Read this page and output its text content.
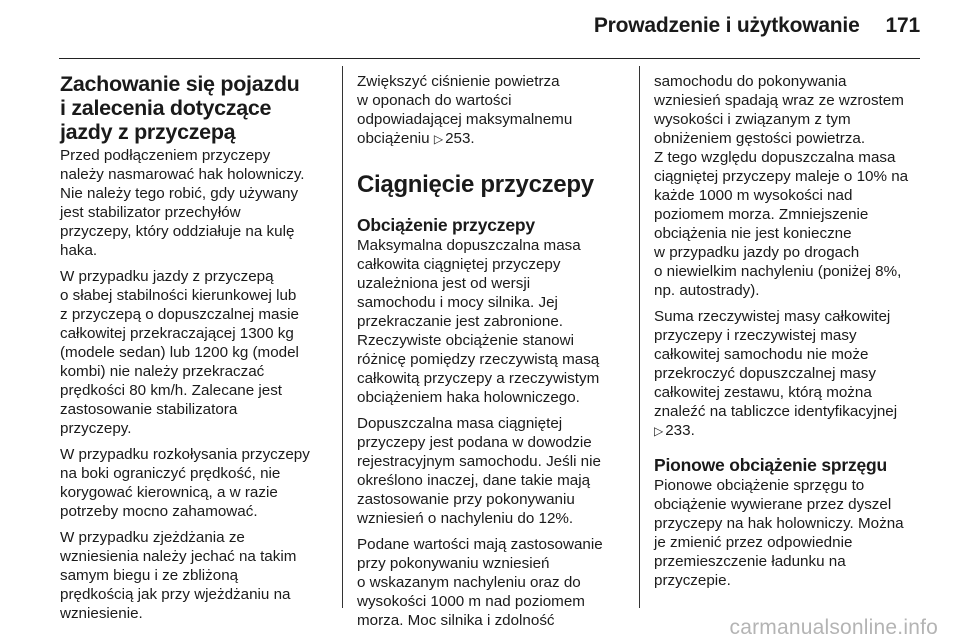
Prowadzenie i użytkowanie 171
Zachowanie się pojazdu
i zalecenia dotyczące
jazdy z przyczepą

Przed podłączeniem przyczepy
należy nasmarować hak holowniczy.
Nie należy tego robić, gdy używany
jest stabilizator przechyłów
przyczepy, który oddziałuje na kulę
haka.

W przypadku jazdy z przyczepą
o słabej stabilności kierunkowej lub
z przyczepą o dopuszczalnej masie
całkowitej przekraczającej 1300 kg
(modele sedan) lub 1200 kg (model
kombi) nie należy przekraczać
prędkości 80 km/h. Zalecane jest
zastosowanie stabilizatora
przyczepy.

W przypadku rozkołysania przyczepy
na boki ograniczyć prędkość, nie
korygować kierownicą, a w razie
potrzeby mocno zahamować.

W przypadku zjeżdżania ze
wzniesienia należy jechać na takim
samym biegu i ze zbliżoną
prędkością jak przy wjeżdżaniu na
wzniesienie.

Zwiększyć ciśnienie powietrza
w oponach do wartości
odpowiadającej maksymalnemu
obciążeniu ▷ 253.

Ciągnięcie przyczepy
Obciążenie przyczepy

Maksymalna dopuszczalna masa
całkowita ciągniętej przyczepy
uzależniona jest od wersji
samochodu i mocy silnika. Jej
przekraczanie jest zabronione.
Rzeczywiste obciążenie stanowi
różnicę pomiędzy rzeczywistą masą
całkowitą przyczepy a rzeczywistym
obciążeniem haka holowniczego.

Dopuszczalna masa ciągniętej
przyczepy jest podana w dowodzie
rejestracyjnym samochodu. Jeśli nie
określono inaczej, dane takie mają
zastosowanie przy pokonywaniu
wzniesień o nachyleniu do 12%.

Podane wartości mają zastosowanie
przy pokonywaniu wzniesień
o wskazanym nachyleniu oraz do
wysokości 1000 m nad poziomem
morza. Moc silnika i zdolność

samochodu do pokonywania
wzniesień spadają wraz ze wzrostem
wysokości i związanym z tym
obniżeniem gęstości powietrza.
Z tego względu dopuszczalna masa
ciągniętej przyczepy maleje o 10% na
każde 1000 m wysokości nad
poziomem morza. Zmniejszenie
obciążenia nie jest konieczne
w przypadku jazdy po drogach
o niewielkim nachyleniu (poniżej 8%,
np. autostrady).

Suma rzeczywistej masy całkowitej
przyczepy i rzeczywistej masy
całkowitej samochodu nie może
przekroczyć dopuszczalnej masy
całkowitej zestawu, którą można
znaleźć na tabliczce identyfikacyjnej
▷ 233.

Pionowe obciążenie sprzęgu

Pionowe obciążenie sprzęgu to
obciążenie wywierane przez dyszel
przyczepy na hak holowniczy. Można
je zmienić przez odpowiednie
przemieszczenie ładunku na
przyczepie.

carmanualsonline.info
